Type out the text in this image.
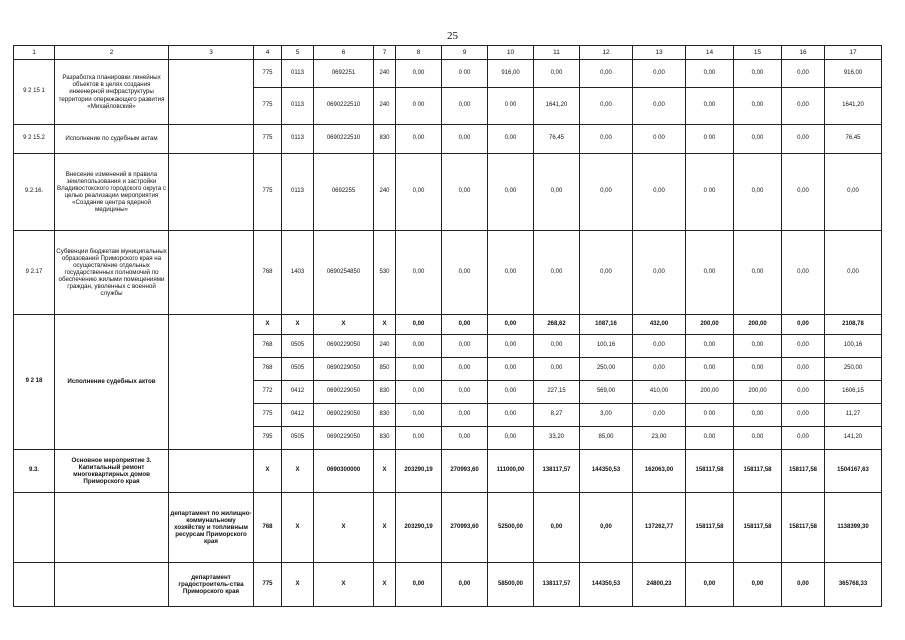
25
1	2	3	4	5	6	7	8	9	10	11	12	13	14	15	16	17
9 2 15 1	Разработка планировки линейных объектов в целях создания инженерной инфраструктуры территории опережающего развития «Михайловский»		775	0113	0692251	240	0,00	0 00	916,00	0,00	0,00	0,00	0,00	0,00	0,00	916,00
			775	0113	0690222510	240	0 00	0,00	0 00	1641,20	0,00	0,00	0,00	0,00	0,00	1641,20
9 2 15.2	Исполнение по судебным актам		775	0113	0690222510	830	0,00	0,00	0,00	76,45	0,00	0 00	0 00	0,00	0,00	76,45
9.2.16.	Внесение изменений в правила землепользования и застройки Владивостокского городского округа с целью реализации мероприятия «Создание центра ядерной медицины»		775	0113	0692255	240	0,00	0,00	0,00	0,00	0,00	0,00	0 00	0,00	0,00	0,00
9 2.17	Субвенции бюджетам муниципальных образований Приморского края на осуществление отдельных государственных полномочий по обеспечению жилыми помещениями граждан, уволенных с военной службы		768	1403	0690254850	530	0,00	0,00	0,00	0,00	0,00	0,00	0,00	0,00	0,00	0,00
9 2 18	Исполнение судебных актов		X	X	X	X	0,00	0,00	0,00	268,62	1087,16	432,00	200,00	200,00	0,00	2108,78
			768	0505	0690229050	240	0,00	0,00	0,00	0,00	100,16	0,00	0,00	0,00	0,00	100,16
			768	0505	0690229050	850	0,00	0,00	0,00	0,00	250,00	0,00	0,00	0,00	0,00	250,00
			772	0412	0690229050	830	0,00	0,00	0,00	227,15	569,00	410,00	200,00	200,00	0,00	1606,15
			775	0412	0690229050	830	0,00	0,00	0,00	8,27	3,00	0,00	0 00	0,00	0,00	11,27
			795	0505	0690229050	830	0,00	0,00	0,00	33,20	85,00	23,00	0,00	0,00	0,00	141,20
9.3.	Основное мероприятие 3. Капитальный ремонт многоквартирных домов Приморского края		X	X	0690300000	X	203290,19	270993,60	111000,00	138117,57	144350,53	162063,00	158117,58	158117,58	158117,58	1504167,63
		департамент по жилищно-коммунальному хозяйству и топливным ресурсам Приморского края	768	X	X	X	203290,19	270993,60	52500,00	0,00	0,00	137262,77	158117,58	158117,58	158117,58	1138399,30
		департамент градостроитель-ства Приморского края	775	X	X	X	0,00	0,00	58500,00	138117,57	144350,53	24800,23	0,00	0,00	0,00	365768,33
